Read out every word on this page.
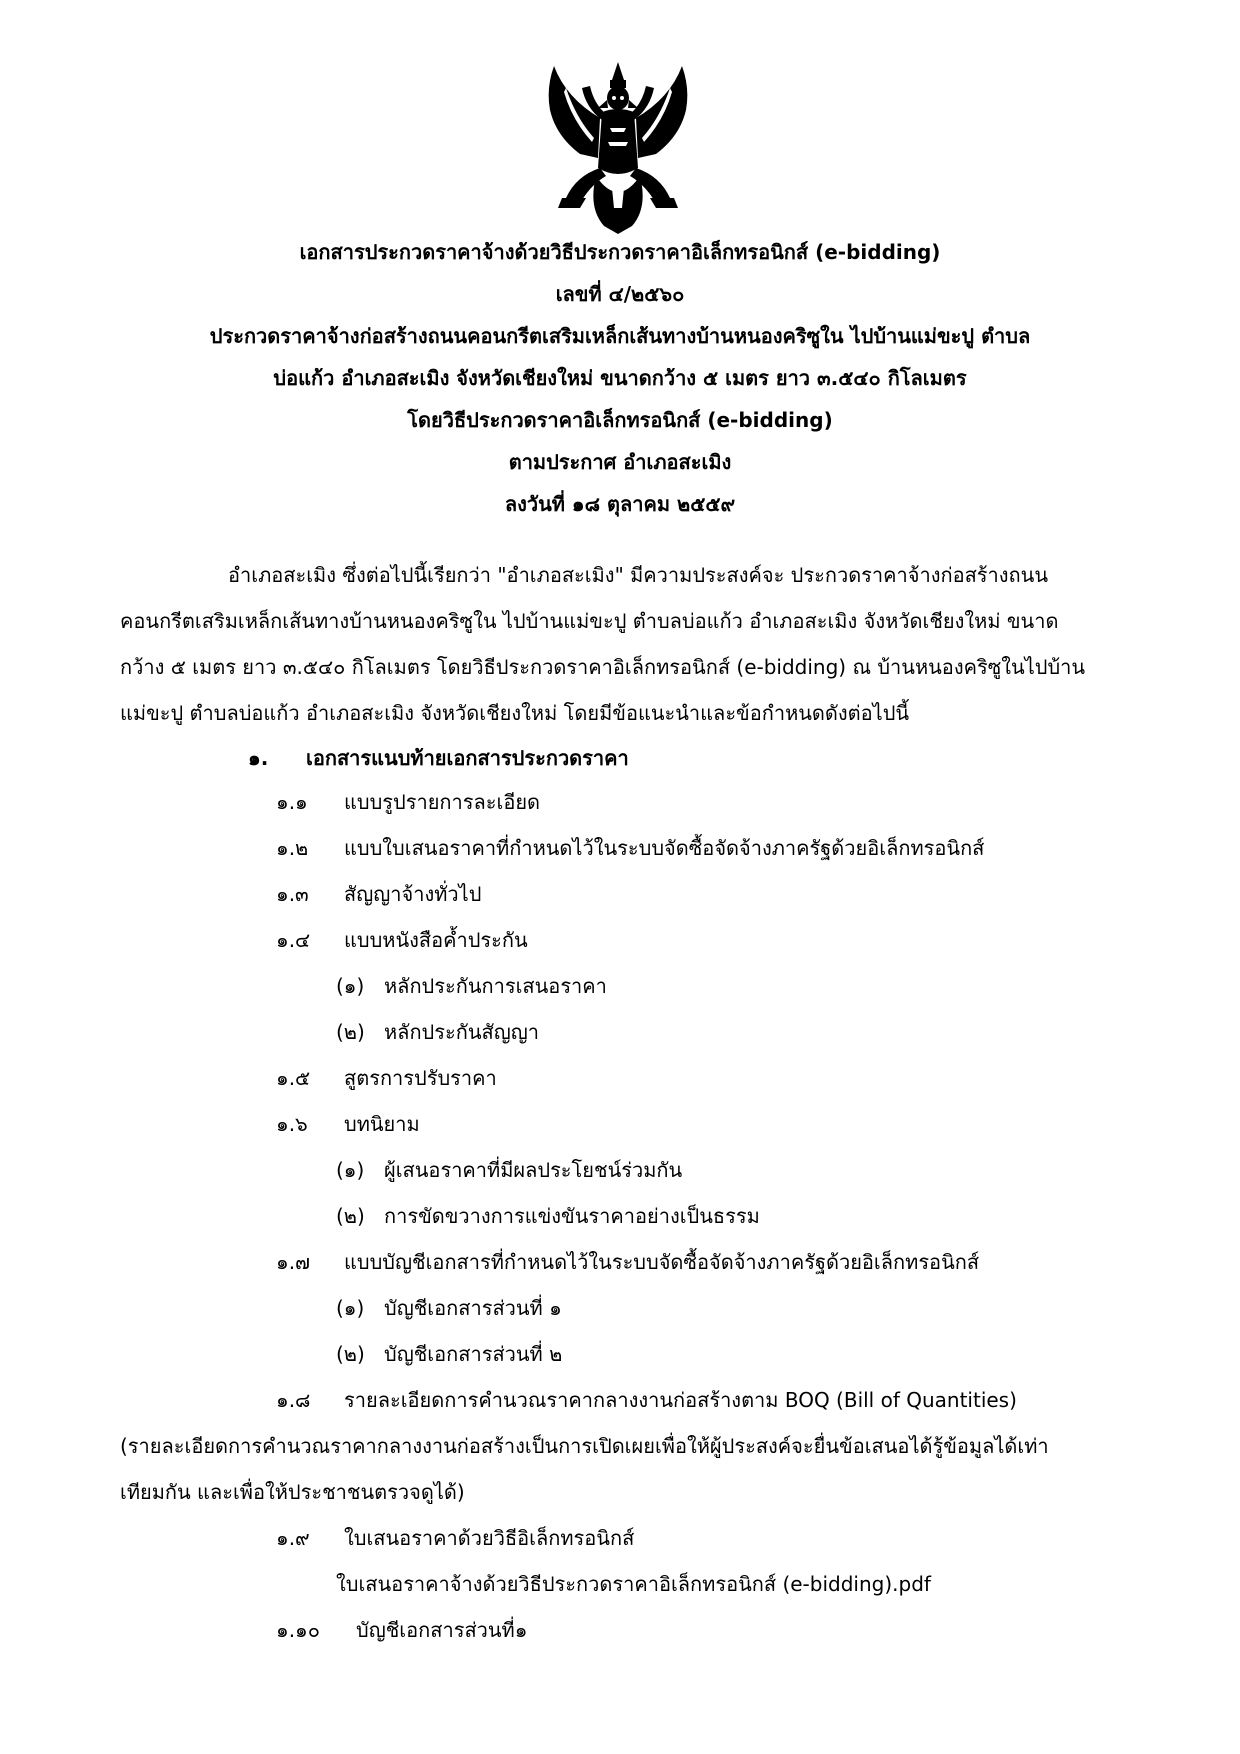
เอกสารประกวดราคาจ้างด้วยวิธีประกวดราคาอิเล็กทรอนิกส์ (e-bidding)
เลขที่ ๔/๒๕๖๐
ประกวดราคาจ้างก่อสร้างถนนคอนกรีตเสริมเหล็กเส้นทางบ้านหนองคริซูใน ไปบ้านแม่ขะปู ตำบล
บ่อแก้ว อำเภอสะเมิง จังหวัดเชียงใหม่ ขนาดกว้าง ๕ เมตร ยาว ๓.๕๔๐ กิโลเมตร
โดยวิธีประกวดราคาอิเล็กทรอนิกส์ (e-bidding)
ตามประกาศ อำเภอสะเมิง
ลงวันที่ ๑๘ ตุลาคม ๒๕๕๙
อำเภอสะเมิง ซึ่งต่อไปนี้เรียกว่า "อำเภอสะเมิง" มีความประสงค์จะ ประกวดราคาจ้างก่อสร้างถนน
คอนกรีตเสริมเหล็กเส้นทางบ้านหนองคริซูใน ไปบ้านแม่ขะปู ตำบลบ่อแก้ว อำเภอสะเมิง จังหวัดเชียงใหม่ ขนาด
กว้าง ๕ เมตร ยาว ๓.๕๔๐ กิโลเมตร โดยวิธีประกวดราคาอิเล็กทรอนิกส์ (e-bidding) ณ บ้านหนองคริซูในไปบ้าน
แม่ขะปู ตำบลบ่อแก้ว อำเภอสะเมิง จังหวัดเชียงใหม่ โดยมีข้อแนะนำและข้อกำหนดดังต่อไปนี้
๑. เอกสารแนบท้ายเอกสารประกวดราคา
๑.๑ แบบรูปรายการละเอียด
๑.๒ แบบใบเสนอราคาที่กำหนดไว้ในระบบจัดซื้อจัดจ้างภาครัฐด้วยอิเล็กทรอนิกส์
๑.๓ สัญญาจ้างทั่วไป
๑.๔ แบบหนังสือค้ำประกัน
(๑) หลักประกันการเสนอราคา
(๒) หลักประกันสัญญา
๑.๕ สูตรการปรับราคา
๑.๖ บทนิยาม
(๑) ผู้เสนอราคาที่มีผลประโยชน์ร่วมกัน
(๒) การขัดขวางการแข่งขันราคาอย่างเป็นธรรม
๑.๗ แบบบัญชีเอกสารที่กำหนดไว้ในระบบจัดซื้อจัดจ้างภาครัฐด้วยอิเล็กทรอนิกส์
(๑) บัญชีเอกสารส่วนที่ ๑
(๒) บัญชีเอกสารส่วนที่ ๒
๑.๘ รายละเอียดการคำนวณราคากลางงานก่อสร้างตาม BOQ (Bill of Quantities)
(รายละเอียดการคำนวณราคากลางงานก่อสร้างเป็นการเปิดเผยเพื่อให้ผู้ประสงค์จะยื่นข้อเสนอได้รู้ข้อมูลได้เท่า
เทียมกัน และเพื่อให้ประชาชนตรวจดูได้)
๑.๙ ใบเสนอราคาด้วยวิธีอิเล็กทรอนิกส์
ใบเสนอราคาจ้างด้วยวิธีประกวดราคาอิเล็กทรอนิกส์ (e-bidding).pdf
๑.๑๐ บัญชีเอกสารส่วนที่๑
